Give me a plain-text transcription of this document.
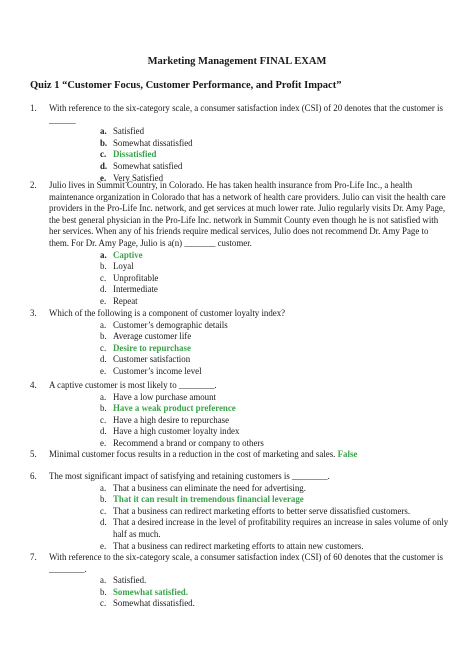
Marketing Management FINAL EXAM
Quiz 1 “Customer Focus, Customer Performance, and Profit Impact”
1.	With reference to the six-category scale, a consumer satisfaction index (CSI) of 20 denotes that the customer is ______
a. Satisfied
b. Somewhat dissatisfied
c. Dissatisfied
d. Somewhat satisfied
e. Very Satisfied
2.	Julio lives in Summit Country, in Colorado. He has taken health insurance from Pro-Life Inc., a health maintenance organization in Colorado that has a network of health care providers. Julio can visit the health care providers in the Pro-Life Inc. network, and get services at much lower rate. Julio regularly visits Dr. Amy Page, the best general physician in the Pro-Life Inc. network in Summit County even though he is not satisfied with her services. When any of his friends require medical services, Julio does not recommend Dr. Amy Page to them. For Dr. Amy Page, Julio is a(n) _______ customer.
a. Captive
b. Loyal
c. Unprofitable
d. Intermediate
e. Repeat
3.	Which of the following is a component of customer loyalty index?
a. Customer’s demographic details
b. Average customer life
c. Desire to repurchase
d. Customer satisfaction
e. Customer’s income level
4.	A captive customer is most likely to ________.
a. Have a low purchase amount
b. Have a weak product preference
c. Have a high desire to repurchase
d. Have a high customer loyalty index
e. Recommend a brand or company to others
5.	Minimal customer focus results in a reduction in the cost of marketing and sales. False
6.	The most significant impact of satisfying and retaining customers is ________.
a. That a business can eliminate the need for advertising.
b. That it can result in tremendous financial leverage
c. That a business can redirect marketing efforts to better serve dissatisfied customers.
d. That a desired increase in the level of profitability requires an increase in sales volume of only half as much.
e. That a business can redirect marketing efforts to attain new customers.
7.	With reference to the six-category scale, a consumer satisfaction index (CSI) of 60 denotes that the customer is ________.
a. Satisfied.
b. Somewhat satisfied.
c. Somewhat dissatisfied.
